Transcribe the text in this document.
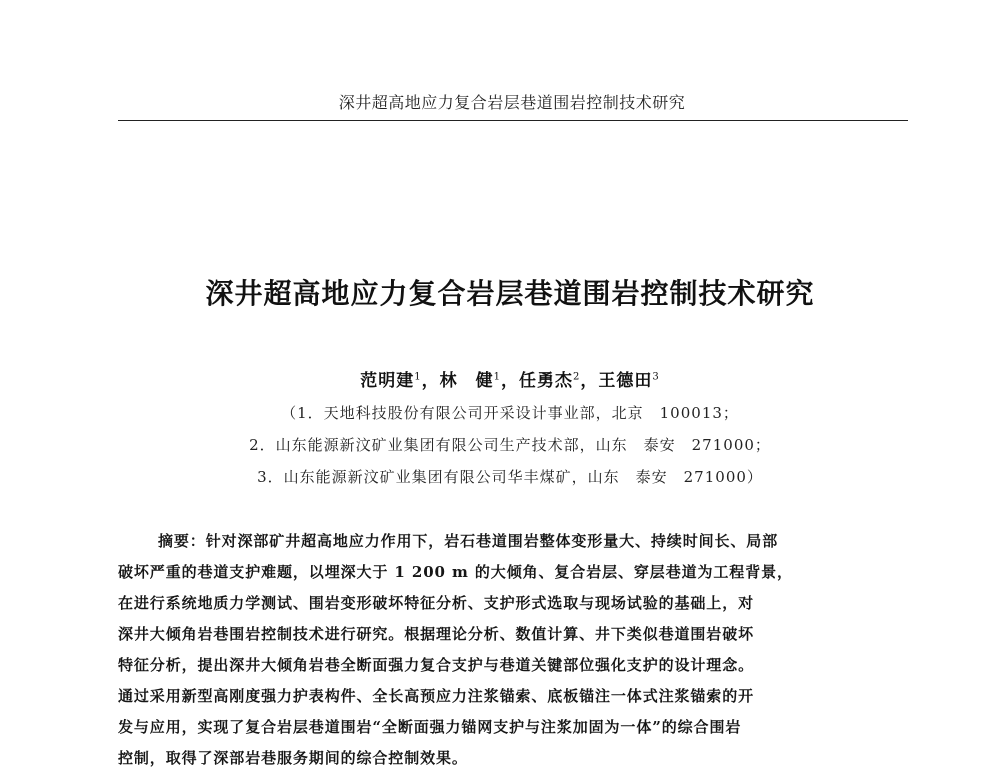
深井超高地应力复合岩层巷道围岩控制技术研究
深井超高地应力复合岩层巷道围岩控制技术研究
范明建$^1$，林　健$^1$，任勇杰$^2$，王德田$^3$
（1．天地科技股份有限公司开采设计事业部，北京　100013；
2．山东能源新汶矿业集团有限公司生产技术部，山东　泰安　271000；
3．山东能源新汶矿业集团有限公司华丰煤矿，山东　泰安　271000）
摘要：针对深部矿井超高地应力作用下，岩石巷道围岩整体变形量大、持续时间长、局部
破坏严重的巷道支护难题，以埋深大于 1 200 m 的大倾角、复合岩层、穿层巷道为工程背景，
在进行系统地质力学测试、围岩变形破坏特征分析、支护形式选取与现场试验的基础上，对
深井大倾角岩巷围岩控制技术进行研究。根据理论分析、数值计算、井下类似巷道围岩破坏
特征分析，提出深井大倾角岩巷全断面强力复合支护与巷道关键部位强化支护的设计理念。
通过采用新型高刚度强力护表构件、全长高预应力注浆锚索、底板锚注一体式注浆锚索的开
发与应用，实现了复合岩层巷道围岩“全断面强力锚网支护与注浆加固为一体”的综合围岩
控制，取得了深部岩巷服务期间的综合控制效果。
